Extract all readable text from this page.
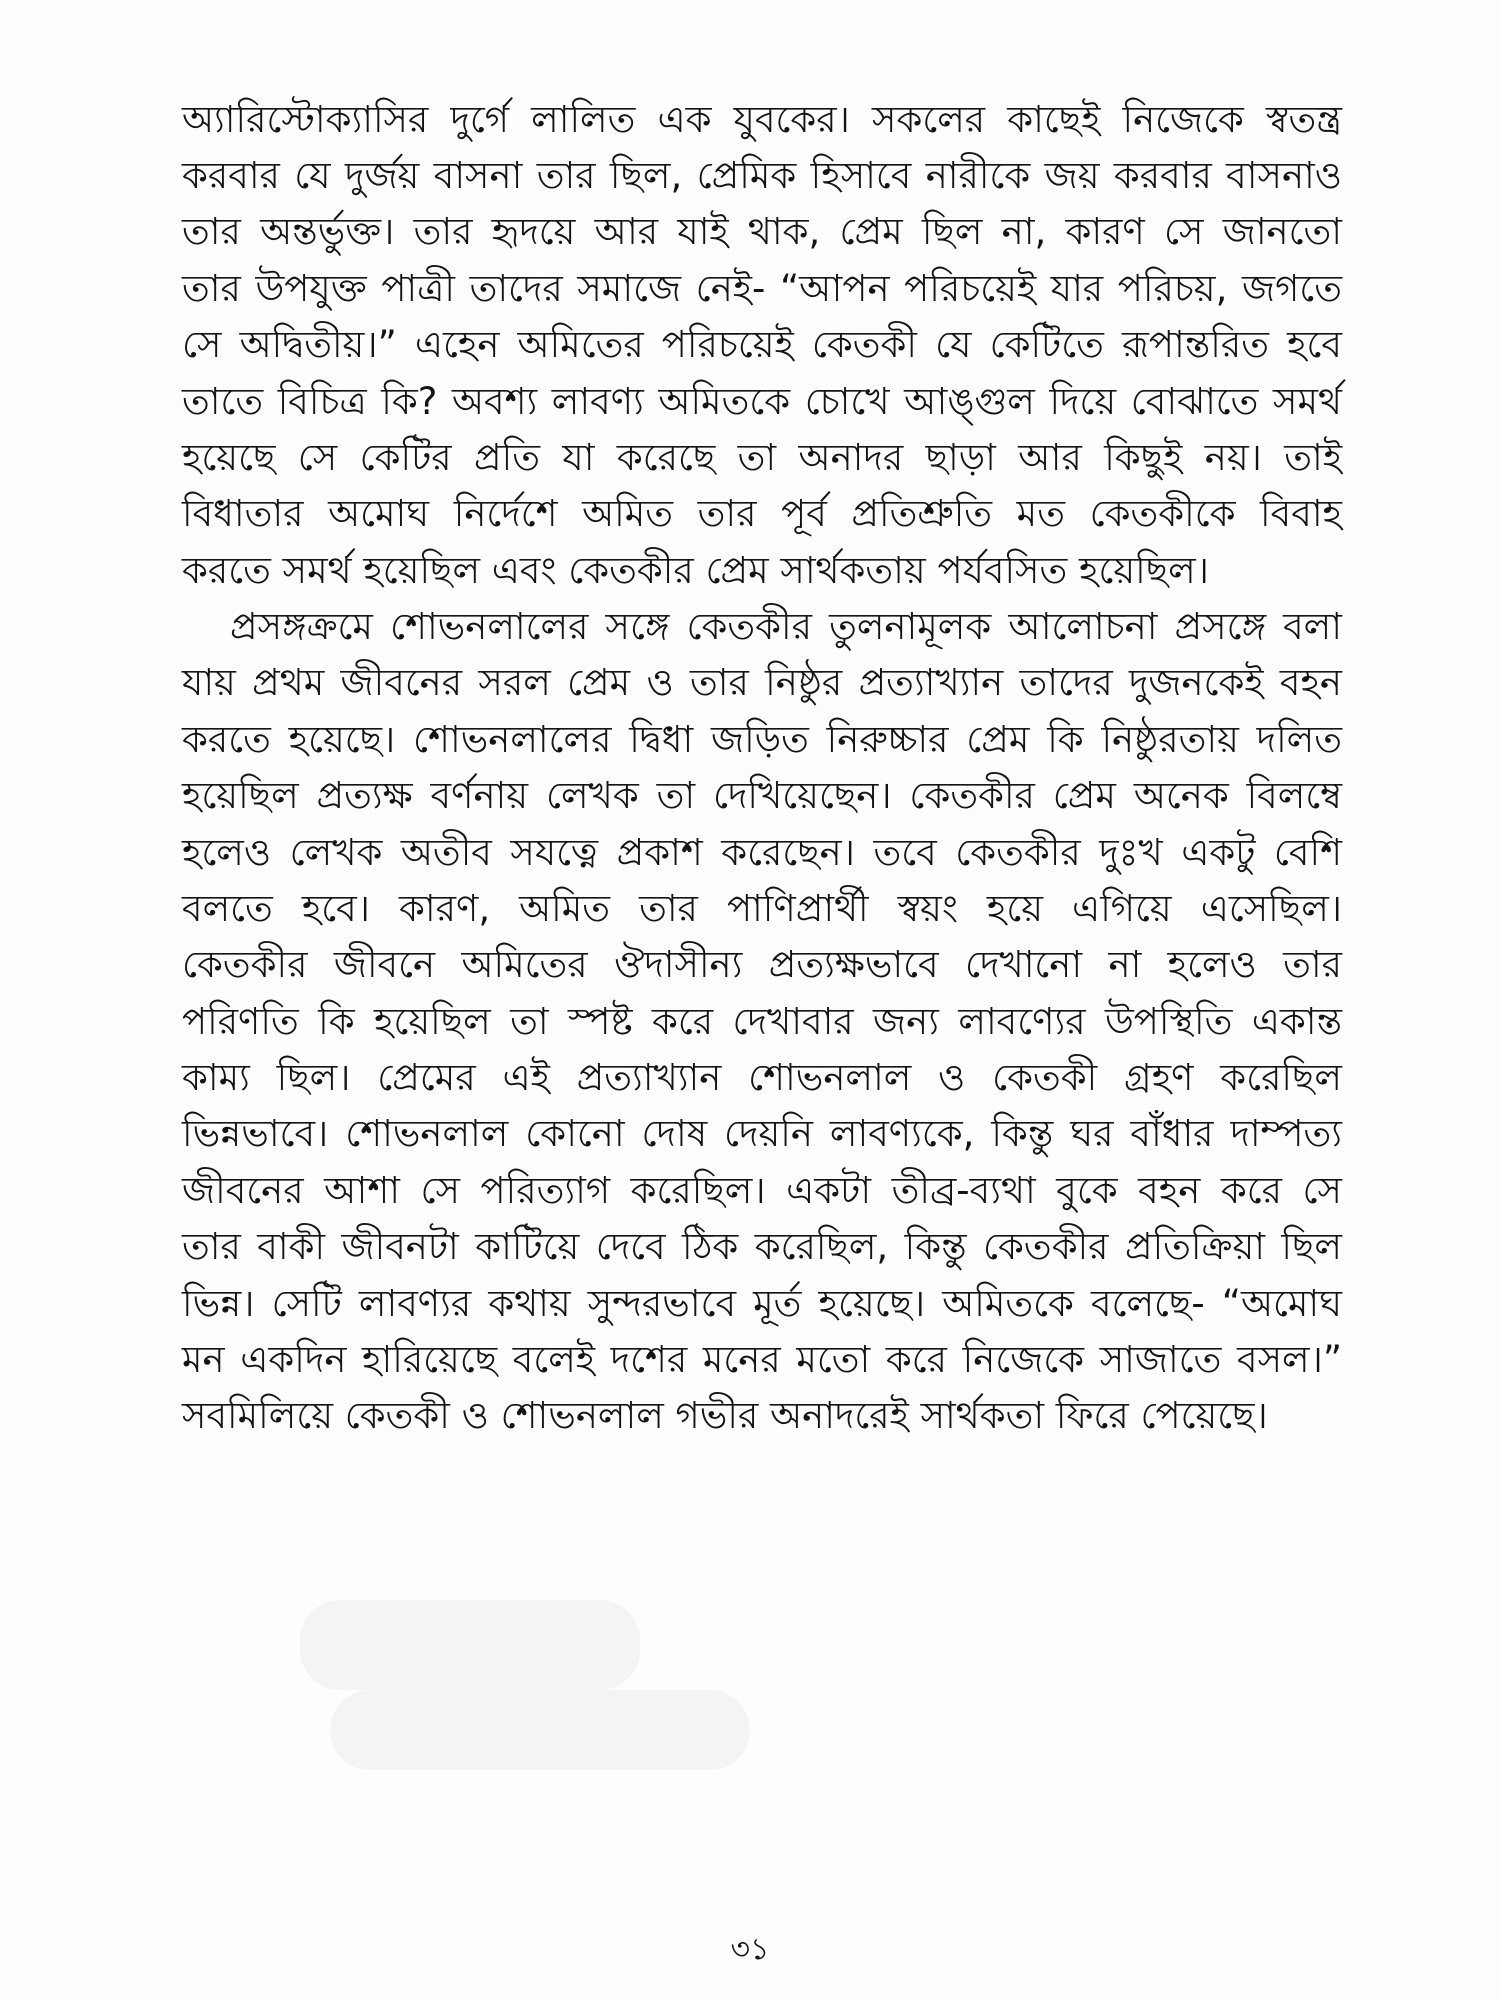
অ্যারিস্টোক্যাসির দুর্গে লালিত এক যুবকের। সকলের কাছেই নিজেকে স্বতন্ত্র
করবার যে দুর্জয় বাসনা তার ছিল, প্রেমিক হিসাবে নারীকে জয় করবার বাসনাও
তার অন্তর্ভুক্ত। তার হৃদয়ে আর যাই থাক, প্রেম ছিল না, কারণ সে জানতো
তার উপযুক্ত পাত্রী তাদের সমাজে নেই- “আপন পরিচয়েই যার পরিচয়, জগতে
সে অদ্বিতীয়।” এহেন অমিতের পরিচয়েই কেতকী যে কেটিতে রূপান্তরিত হবে
তাতে বিচিত্র কি? অবশ্য লাবণ্য অমিতকে চোখে আঙ্গুল দিয়ে বোঝাতে সমর্থ
হয়েছে সে কেটির প্রতি যা করেছে তা অনাদর ছাড়া আর কিছুই নয়। তাই
বিধাতার অমোঘ নির্দেশে অমিত তার পূর্ব প্রতিশ্রুতি মত কেতকীকে বিবাহ
করতে সমর্থ হয়েছিল এবং কেতকীর প্রেম সার্থকতায় পর্যবসিত হয়েছিল।
প্রসঙ্গক্রমে শোভনলালের সঙ্গে কেতকীর তুলনামূলক আলোচনা প্রসঙ্গে বলা
যায় প্রথম জীবনের সরল প্রেম ও তার নিষ্ঠুর প্রত্যাখ্যান তাদের দুজনকেই বহন
করতে হয়েছে। শোভনলালের দ্বিধা জড়িত নিরুচ্চার প্রেম কি নিষ্ঠুরতায় দলিত
হয়েছিল প্রত্যক্ষ বর্ণনায় লেখক তা দেখিয়েছেন। কেতকীর প্রেম অনেক বিলম্বে
হলেও লেখক অতীব সযত্নে প্রকাশ করেছেন। তবে কেতকীর দুঃখ একটু বেশি
বলতে হবে। কারণ, অমিত তার পাণিপ্রার্থী স্বয়ং হয়ে এগিয়ে এসেছিল।
কেতকীর জীবনে অমিতের ঔদাসীন্য প্রত্যক্ষভাবে দেখানো না হলেও তার
পরিণতি কি হয়েছিল তা স্পষ্ট করে দেখাবার জন্য লাবণ্যের উপস্থিতি একান্ত
কাম্য ছিল। প্রেমের এই প্রত্যাখ্যান শোভনলাল ও কেতকী গ্রহণ করেছিল
ভিন্নভাবে। শোভনলাল কোনো দোষ দেয়নি লাবণ্যকে, কিন্তু ঘর বাঁধার দাম্পত্য
জীবনের আশা সে পরিত্যাগ করেছিল। একটা তীব্র-ব্যথা বুকে বহন করে সে
তার বাকী জীবনটা কাটিয়ে দেবে ঠিক করেছিল, কিন্তু কেতকীর প্রতিক্রিয়া ছিল
ভিন্ন। সেটি লাবণ্যর কথায় সুন্দরভাবে মূর্ত হয়েছে। অমিতকে বলেছে- “অমোঘ
মন একদিন হারিয়েছে বলেই দশের মনের মতো করে নিজেকে সাজাতে বসল।”
সবমিলিয়ে কেতকী ও শোভনলাল গভীর অনাদরেই সার্থকতা ফিরে পেয়েছে।
৩১
